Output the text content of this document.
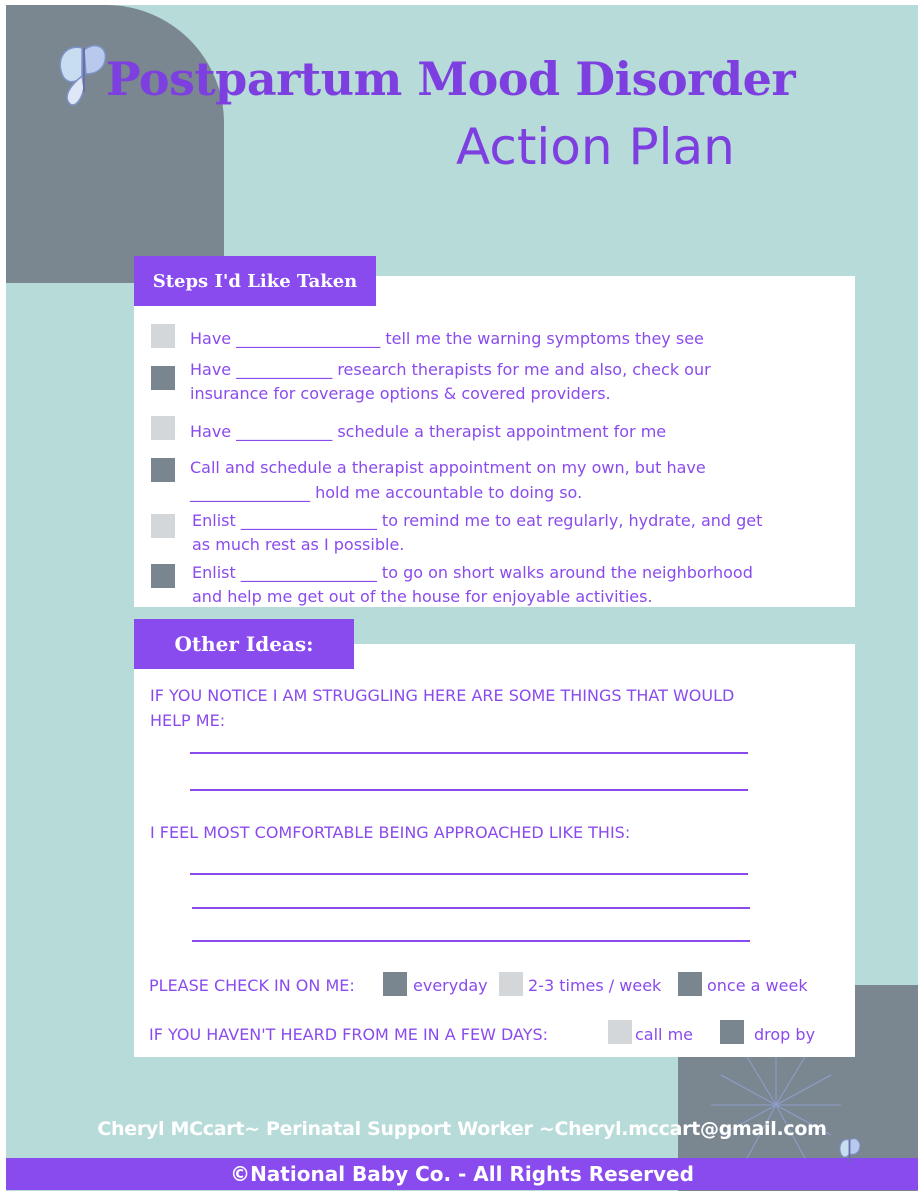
Postpartum Mood Disorder
Action Plan
Steps I'd Like Taken
Have __________________ tell me the warning symptoms they see
Have ____________ research therapists for me and also, check our
insurance for coverage options & covered providers.
Have ____________ schedule a therapist appointment for me
Call and schedule a therapist appointment on my own, but have
_______________ hold me accountable to doing so.
Enlist _________________ to remind me to eat regularly, hydrate, and get
as much rest as I possible.
Enlist _________________ to go on short walks around the neighborhood
and help me get out of the house for enjoyable activities.
Other Ideas:
IF YOU NOTICE I AM STRUGGLING HERE ARE SOME THINGS THAT WOULD
HELP ME:
I FEEL MOST COMFORTABLE BEING APPROACHED LIKE THIS:
PLEASE CHECK IN ON ME:	everyday	2-3 times / week	once a week
IF YOU HAVEN'T HEARD FROM ME IN A FEW DAYS:	call me	drop by
Cheryl MCcart~ Perinatal Support Worker ~Cheryl.mccart@gmail.com
©National Baby Co. - All Rights Reserved
